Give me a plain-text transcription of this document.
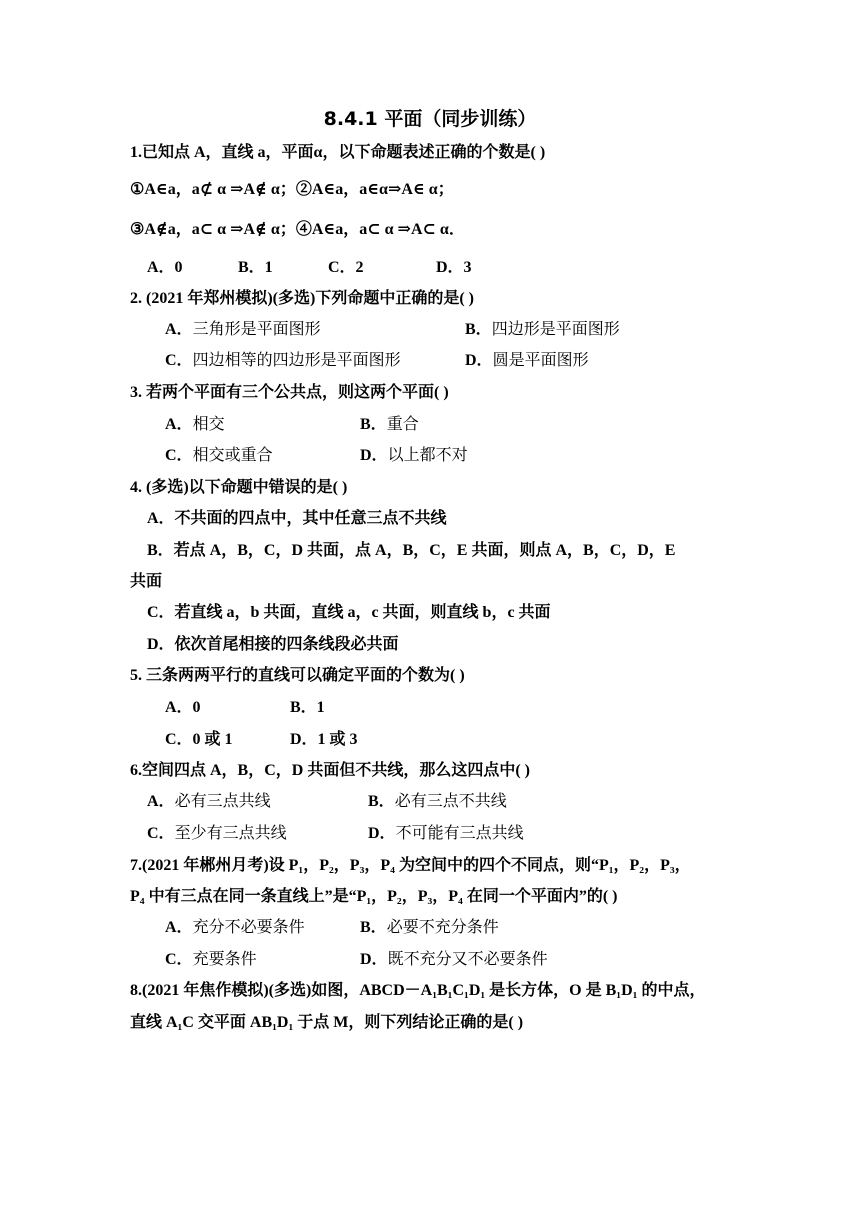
8.4.1 平面（同步训练）
1.已知点 A，直线 a，平面α，以下命题表述正确的个数是( )
①A∈a，a⊄ α ⇒A∉ α；②A∈a，a∈α⇒A∈ α；
③A∉a，a⊂ α ⇒A∉ α；④A∈a，a⊂ α ⇒A⊂ α．
A．0	B．1	C．2	D．3
2. (2021 年郑州模拟)(多选)下列命题中正确的是( )
A．三角形是平面图形	B．四边形是平面图形
C．四边相等的四边形是平面图形	D．圆是平面图形
3. 若两个平面有三个公共点，则这两个平面( )
A．相交	B．重合
C．相交或重合	D．以上都不对
4. (多选)以下命题中错误的是( )
A．不共面的四点中，其中任意三点不共线
B．若点 A，B，C，D 共面，点 A，B，C，E 共面，则点 A，B，C，D，E
共面
C．若直线 a，b 共面，直线 a，c 共面，则直线 b，c 共面
D．依次首尾相接的四条线段必共面
5. 三条两两平行的直线可以确定平面的个数为( )
A．0	B．1
C．0 或 1	D．1 或 3
6.空间四点 A，B，C，D 共面但不共线，那么这四点中( )
A．必有三点共线	B．必有三点不共线
C．至少有三点共线	D．不可能有三点共线
7.(2021 年郴州月考)设 P₁，P₂，P₃，P₄ 为空间中的四个不同点，则“P₁，P₂，P₃，
P₄ 中有三点在同一条直线上”是“P₁，P₂，P₃，P₄ 在同一个平面内”的( )
A．充分不必要条件	B．必要不充分条件
C．充要条件	D．既不充分又不必要条件
8.(2021 年焦作模拟)(多选)如图，ABCD－A₁B₁C₁D₁ 是长方体，O 是 B₁D₁ 的中点，
直线 A₁C 交平面 AB₁D₁ 于点 M，则下列结论正确的是( )
